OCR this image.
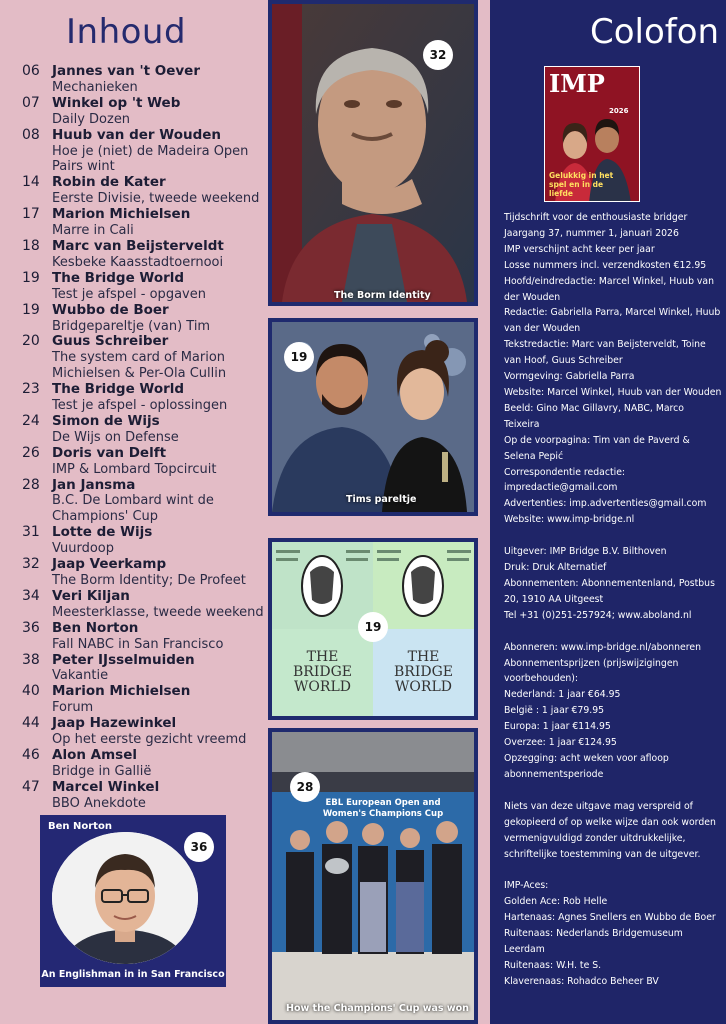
Inhoud
06 Jannes van 't Oever
Mechanieken
07 Winkel op 't Web
Daily Dozen
08 Huub van der Wouden
Hoe je (niet) de Madeira Open
Pairs wint
14 Robin de Kater
Eerste Divisie, tweede weekend
17 Marion Michielsen
Marre in Cali
18 Marc van Beijsterveldt
Kesbeke Kaasstadtoernooi
19 The Bridge World
Test je afspel - opgaven
19 Wubbo de Boer
Bridgepareltje (van) Tim
20 Guus Schreiber
The system card of Marion
Michielsen & Per-Ola Cullin
23 The Bridge World
Test je afspel - oplossingen
24 Simon de Wijs
De Wijs on Defense
26 Doris van Delft
IMP & Lombard Topcircuit
28 Jan Jansma
B.C. De Lombard wint de
Champions' Cup
31 Lotte de Wijs
Vuurdoop
32 Jaap Veerkamp
The Borm Identity; De Profeet
34 Veri Kiljan
Meesterklasse, tweede weekend
36 Ben Norton
Fall NABC in San Francisco
38 Peter IJsselmuiden
Vakantie
40 Marion Michielsen
Forum
44 Jaap Hazewinkel
Op het eerste gezicht vreemd
46 Alon Amsel
Bridge in Gallië
47 Marcel Winkel
BBO Anekdote
Ben Norton
36
An Englishman in in San Francisco
32
The Borm Identity
19
Tims pareltje
THE BRIDGE WORLD
THE BRIDGE WORLD
19
EBL European Open and Women's Champions Cup
28
How the Champions' Cup was won
Colofon
IMP
2026
Gelukkig in het spel en in de liefde
Tijdschrift voor de enthousiaste bridger
Jaargang 37, nummer 1, januari 2026
IMP verschijnt acht keer per jaar
Losse nummers incl. verzendkosten €12.95
Hoofd/eindredactie: Marcel Winkel, Huub van der Wouden
Redactie: Gabriella Parra, Marcel Winkel, Huub van der Wouden
Tekstredactie: Marc van Beijsterveldt, Toine van Hoof, Guus Schreiber
Vormgeving: Gabriella Parra
Website: Marcel Winkel, Huub van der Wouden
Beeld: Gino Mac Gillavry, NABC, Marco Teixeira
Op de voorpagina: Tim van de Paverd & Selena Pepić
Correspondentie redactie:
impredactie@gmail.com
Advertenties: imp.advertenties@gmail.com
Website: www.imp-bridge.nl
Uitgever: IMP Bridge B.V. Bilthoven
Druk: Druk Alternatief
Abonnementen: Abonnementenland, Postbus 20, 1910 AA Uitgeest
Tel +31 (0)251-257924; www.aboland.nl
Abonneren: www.imp-bridge.nl/abonneren
Abonnementsprijzen (prijswijzigingen voorbehouden):
Nederland: 1 jaar €64.95
België : 1 jaar €79.95
Europa: 1 jaar €114.95
Overzee: 1 jaar €124.95
Opzegging: acht weken voor afloop abonnementsperiode
Niets van deze uitgave mag verspreid of gekopieerd of op welke wijze dan ook worden vermenigvuldigd zonder uitdrukkelijke, schriftelijke toestemming van de uitgever.
IMP-Aces:
Golden Ace: Rob Helle
Hartenaas: Agnes Snellers en Wubbo de Boer
Ruitenaas: Nederlands Bridgemuseum Leerdam
Ruitenaas: W.H. te S.
Klaverenaas: Rohadco Beheer BV
